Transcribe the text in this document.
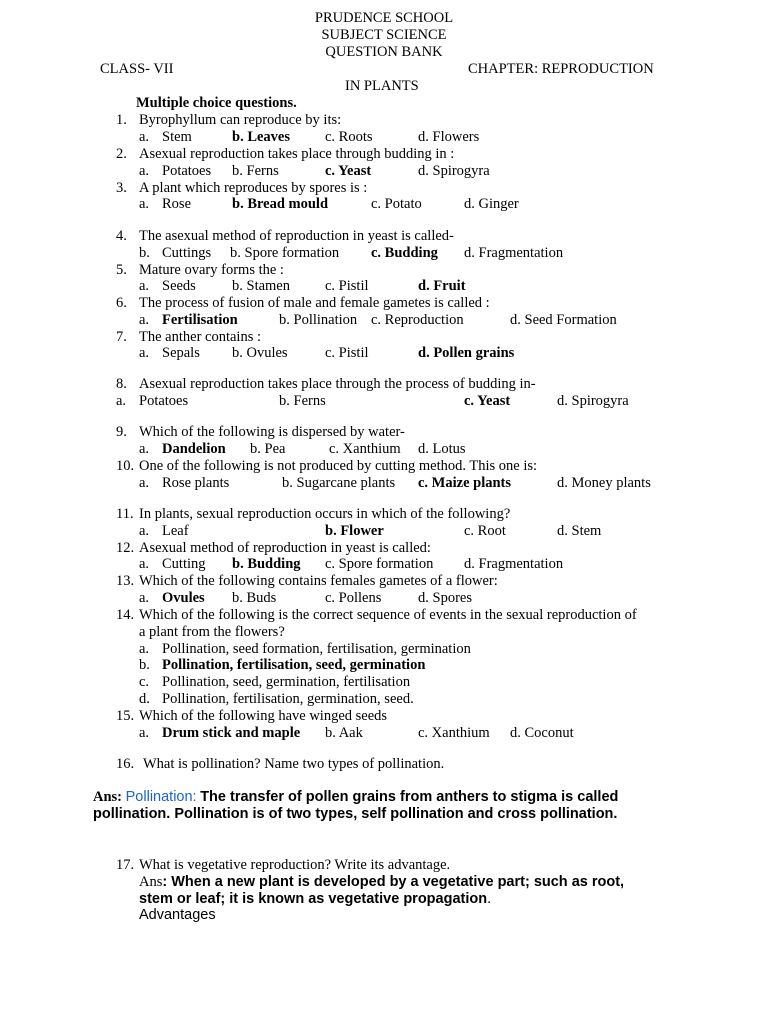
PRUDENCE SCHOOL
SUBJECT SCIENCE
QUESTION BANK
CLASS- VII	CHAPTER: REPRODUCTION
IN PLANTS
Multiple choice questions.
1. Byrophyllum can reproduce by its:
a. Stem	b. Leaves c. Roots	d. Flowers
2. Asexual reproduction takes place through budding in :
a. Potatoes b. Ferns	c. Yeast	d. Spirogyra
3. A plant which reproduces by spores is :
a. Rose	b. Bread mould	c. Potato	d. Ginger
4. The asexual method of reproduction in yeast is called-
b. Cuttings b. Spore formation c. Budding d. Fragmentation
5. Mature ovary forms the :
a. Seeds b. Stamen c. Pistil	d. Fruit
6. The process of fusion of male and female gametes is called :
a. Fertilisation	b. Pollination c. Reproduction	d. Seed Formation
7. The anther contains :
a. Sepals b. Ovules	c. Pistil	d. Pollen grains
8. Asexual reproduction takes place through the process of budding in-
a. Potatoes	b. Ferns	c. Yeast	d. Spirogyra
9. Which of the following is dispersed by water-
a. Dandelion b. Pea	c. Xanthium d. Lotus
10. One of the following is not produced by cutting method. This one is:
a. Rose plants	b. Sugarcane plants c. Maize plants	d. Money plants
11. In plants, sexual reproduction occurs in which of the following?
a. Leaf	b. Flower	c. Root	d. Stem
12. Asexual method of reproduction in yeast is called:
a. Cutting b. Budding c. Spore formation d. Fragmentation
13. Which of the following contains females gametes of a flower:
a. Ovules b. Buds	c. Pollens	d. Spores
14. Which of the following is the correct sequence of events in the sexual reproduction of
a plant from the flowers?
a. Pollination, seed formation, fertilisation, germination
b. Pollination, fertilisation, seed, germination
c. Pollination, seed, germination, fertilisation
d. Pollination, fertilisation, germination, seed.
15. Which of the following have winged seeds
a. Drum stick and maple b. Aak	c. Xanthium d. Coconut
16. What is pollination? Name two types of pollination.
Ans: Pollination: The transfer of pollen grains from anthers to stigma is called
pollination. Pollination is of two types, self pollination and cross pollination.
17. What is vegetative reproduction? Write its advantage.
Ans: When a new plant is developed by a vegetative part; such as root,
stem or leaf; it is known as vegetative propagation.
Advantages
